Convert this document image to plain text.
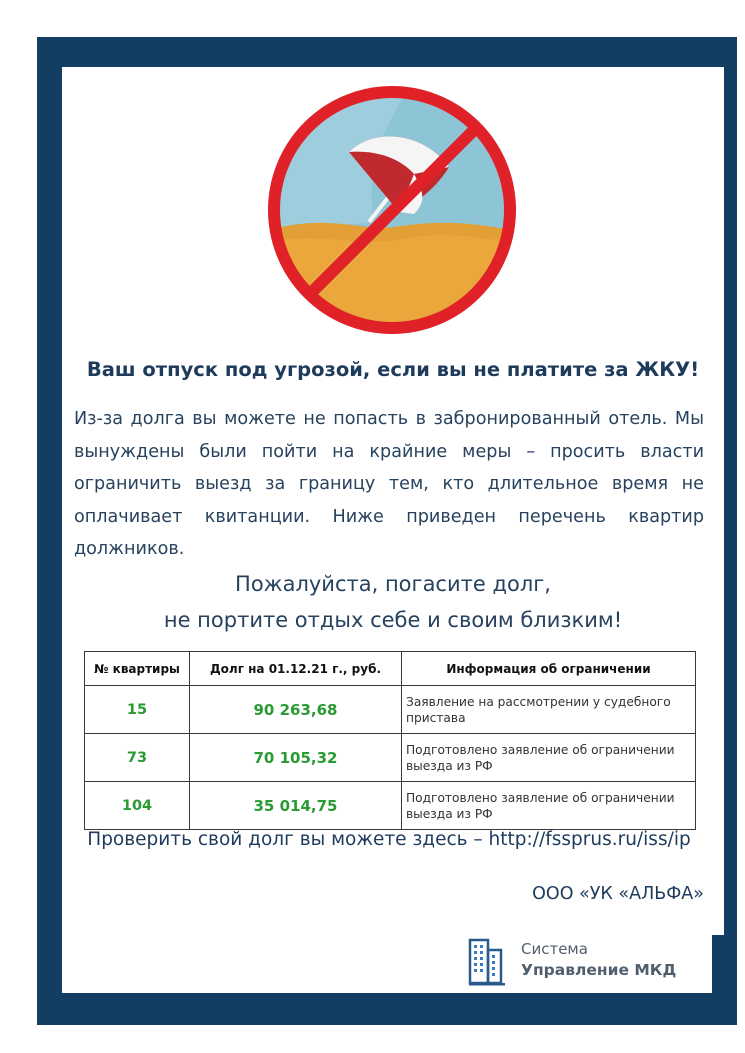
Ваш отпуск под угрозой, если вы не платите за ЖКУ!

Из-за долга вы можете не попасть в забронированный отель. Мы вынуждены были пойти на крайние меры – просить власти ограничить выезд за границу тем, кто длительное время не оплачивает квитанции. Ниже приведен перечень квартир должников.

Пожалуйста, погасите долг,
не портите отдых себе и своим близким!
№ квартиры	Долг на 01.12.21 г., руб.	Информация об ограничении
15	90 263,68	Заявление на рассмотрении у судебного пристава
73	70 105,32	Подготовлено заявление об ограничении выезда из РФ
104	35 014,75	Подготовлено заявление об ограничении выезда из РФ

Проверить свой долг вы можете здесь – http://fssprus.ru/iss/ip

ООО «УК «АЛЬФА»

Система
Управление МКД
